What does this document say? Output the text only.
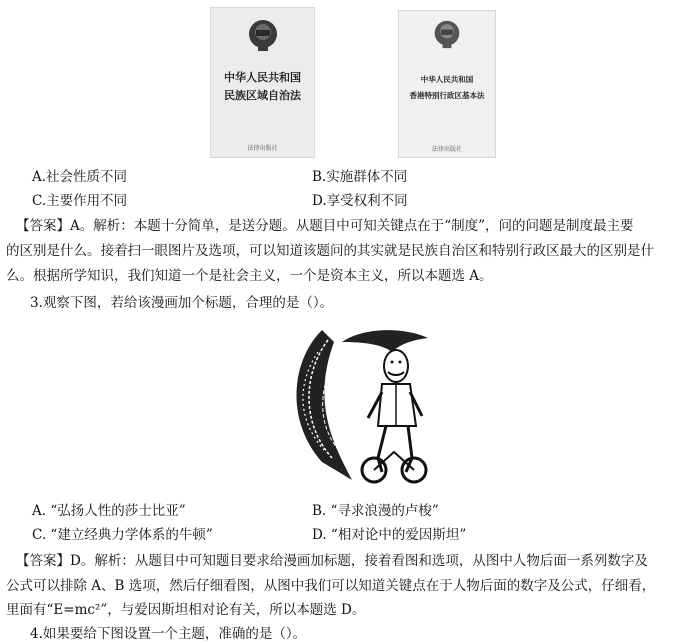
中华人民共和国
民族区域自治法
法律出版社
中华人民共和国
香港特别行政区基本法
法律出版社
A.社会性质不同	B.实施群体不同
C.主要作用不同	D.享受权利不同
【答案】A。解析：本题十分简单，是送分题。从题目中可知关键点在于“制度”，问的问题是制度最主要
的区别是什么。接着扫一眼图片及选项，可以知道该题问的其实就是民族自治区和特别行政区最大的区别是什
么。根据所学知识，我们知道一个是社会主义，一个是资本主义，所以本题选 A。
3.观察下图，若给该漫画加个标题，合理的是（）。
A. “弘扬人性的莎士比亚”	B. “寻求浪漫的卢梭”
C. “建立经典力学体系的牛顿”	D. “相对论中的爱因斯坦”
【答案】D。解析：从题目中可知题目要求给漫画加标题，接着看图和选项，从图中人物后面一系列数字及
公式可以排除 A、B 选项，然后仔细看图，从图中我们可以知道关键点在于人物后面的数字及公式，仔细看，
里面有“E=mc²”，与爱因斯坦相对论有关，所以本题选 D。
4.如果要给下图设置一个主题，准确的是（）。
